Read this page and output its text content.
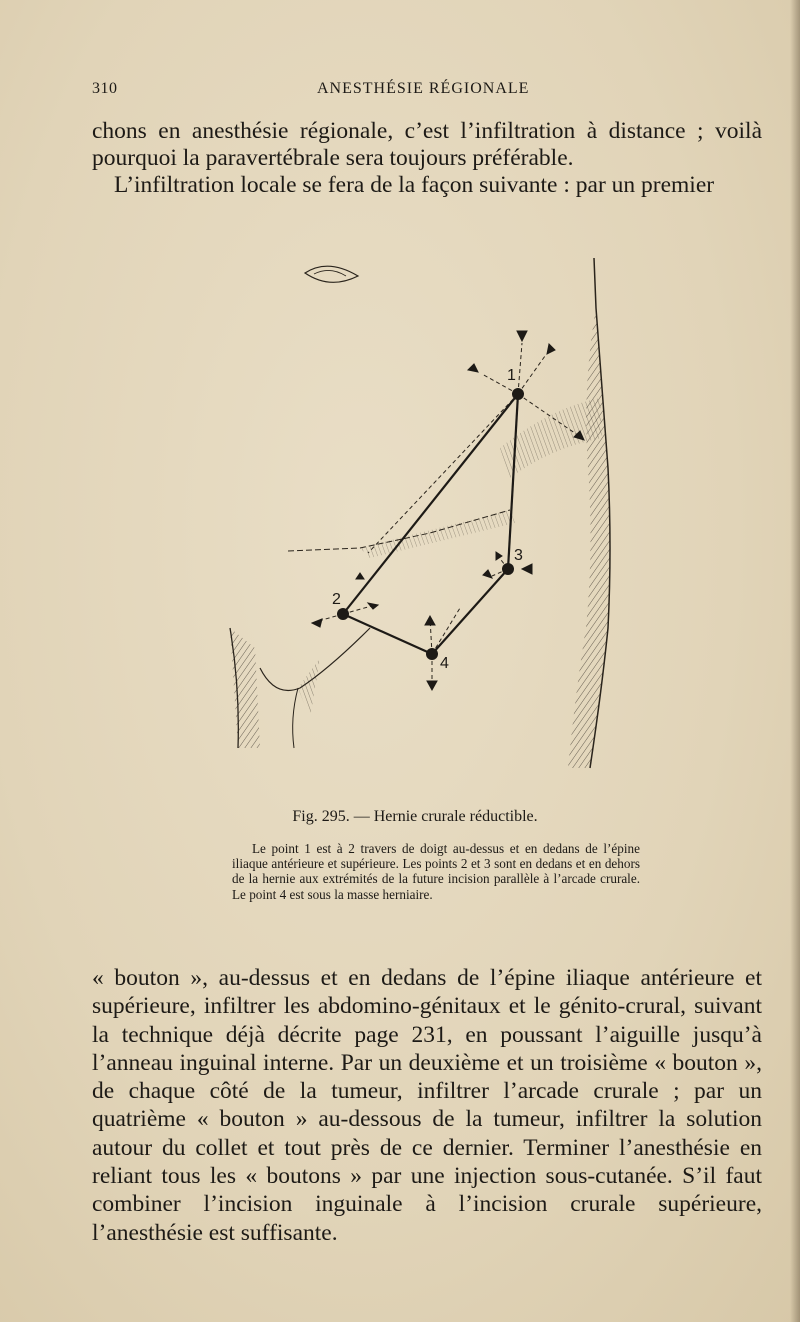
310	ANESTHÉSIE RÉGIONALE

chons en anesthésie régionale, c’est l’infiltration à distance ; voilà pourquoi la paravertébrale sera toujours préférable.

L’infiltration locale se fera de la façon suivante : par un premier

1
2
3
4
Fig. 295. — Hernie crurale réductible.

Le point 1 est à 2 travers de doigt au-dessus et en dedans de l’épine iliaque antérieure et supérieure. Les points 2 et 3 sont en dedans et en dehors de la hernie aux extrémités de la future incision parallèle à l’arcade crurale. Le point 4 est sous la masse herniaire.

« bouton », au-dessus et en dedans de l’épine iliaque antérieure et supérieure, infiltrer les abdomino-génitaux et le génito-crural, suivant la technique déjà décrite page 231, en poussant l’aiguille jusqu’à l’anneau inguinal interne. Par un deuxième et un troisième « bouton », de chaque côté de la tumeur, infiltrer l’arcade crurale ; par un quatrième « bouton » au-dessous de la tumeur, infiltrer la solution autour du collet et tout près de ce dernier. Terminer l’anesthésie en reliant tous les « boutons » par une injection sous-cutanée. S’il faut combiner l’incision inguinale à l’incision crurale supérieure, l’anesthésie est suffisante.
